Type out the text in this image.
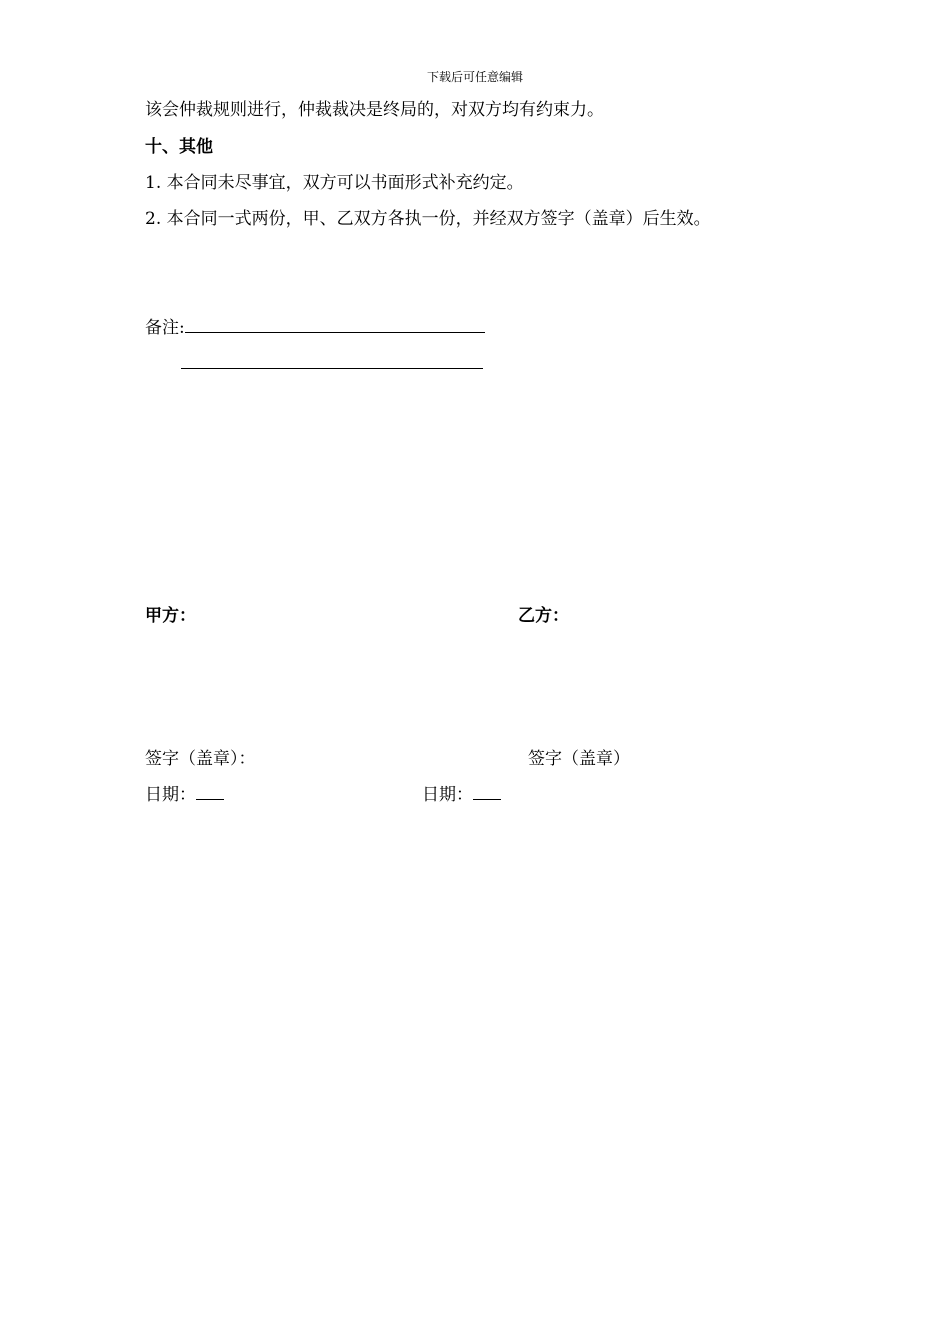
下载后可任意编辑
该会仲裁规则进行，仲裁裁决是终局的，对双方均有约束力。
十、其他
1. 本合同未尽事宜，双方可以书面形式补充约定。
2. 本合同一式两份，甲、乙双方各执一份，并经双方签字（盖章）后生效。
备注:
甲方：	乙方：
签字（盖章）：	签字（盖章）
日期：	日期：
